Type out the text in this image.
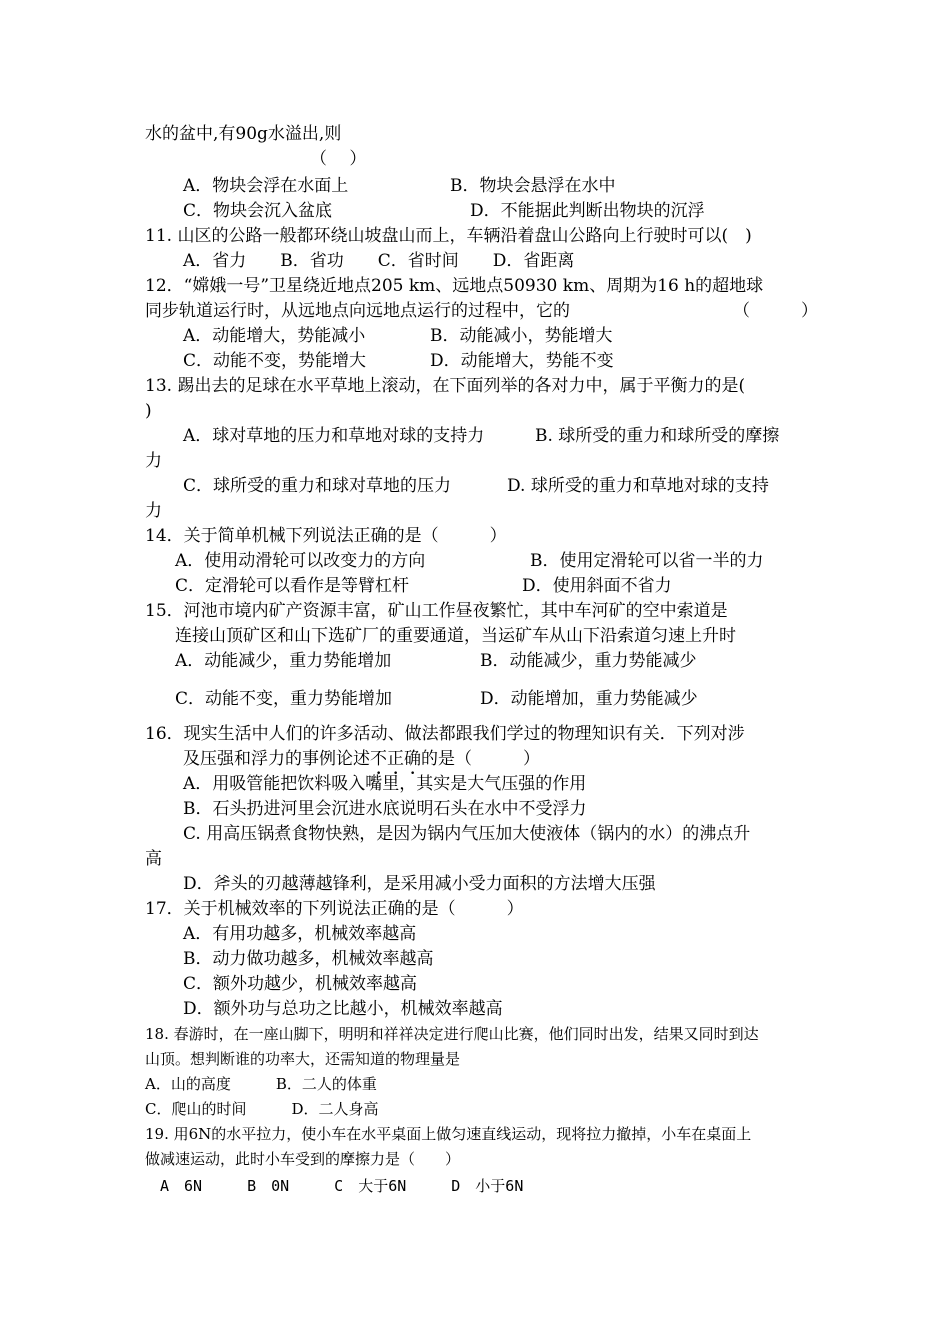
水的盆中,有90g水溢出,则
（　 ）
A．物块会浮在水面上	B．物块会悬浮在水中
C．物块会沉入盆底	D．不能据此判断出物块的沉浮
11. 山区的公路一般都环绕山坡盘山而上，车辆沿着盘山公路向上行驶时可以(　)
A．省力　　B．省功　　C．省时间　　D．省距离
12．“嫦娥一号”卫星绕近地点205 km、远地点50930 km、周期为16 h的超地球
同步轨道运行时，从远地点向远地点运行的过程中，它的	（　　　）
A．动能增大，势能减小	B．动能减小，势能增大
C．动能不变，势能增大	D．动能增大，势能不变
13. 踢出去的足球在水平草地上滚动，在下面列举的各对力中，属于平衡力的是(
)
A．球对草地的压力和草地对球的支持力	B. 球所受的重力和球所受的摩擦
力
C．球所受的重力和球对草地的压力	D. 球所受的重力和草地对球的支持
力
14．关于简单机械下列说法正确的是（　　　）
A．使用动滑轮可以改变力的方向	B．使用定滑轮可以省一半的力
C．定滑轮可以看作是等臂杠杆	D．使用斜面不省力
15．河池市境内矿产资源丰富，矿山工作昼夜繁忙，其中车河矿的空中索道是
连接山顶矿区和山下选矿厂的重要通道，当运矿车从山下沿索道匀速上升时
A．动能减少，重力势能增加	B．动能减少，重力势能减少
C．动能不变，重力势能增加	D．动能增加，重力势能减少
16．现实生活中人们的许多活动、做法都跟我们学过的物理知识有关．下列对涉
及压强和浮力的事例论述不正确的是（　　　）
A．用吸管能把饮料吸入嘴里，其实是大气压强的作用
B．石头扔进河里会沉进水底说明石头在水中不受浮力
C. 用高压锅煮食物快熟，是因为锅内气压加大使液体（锅内的水）的沸点升
高
D．斧头的刃越薄越锋利，是采用减小受力面积的方法增大压强
17．关于机械效率的下列说法正确的是（　　　）
A．有用功越多，机械效率越高
B．动力做功越多，机械效率越高
C．额外功越少，机械效率越高
D．额外功与总功之比越小，机械效率越高
18. 春游时，在一座山脚下，明明和祥祥决定进行爬山比赛，他们同时出发，结果又同时到达
山顶。想判断谁的功率大，还需知道的物理量是
A．山的高度　　　B．二人的体重
C．爬山的时间　　　D．二人身高
19. 用6N的水平拉力，使小车在水平桌面上做匀速直线运动，现将拉力撤掉，小车在桌面上
做减速运动，此时小车受到的摩擦力是（　　）
A　6N　　　B　0N　　　C　大于6N　　　D　小于6N
